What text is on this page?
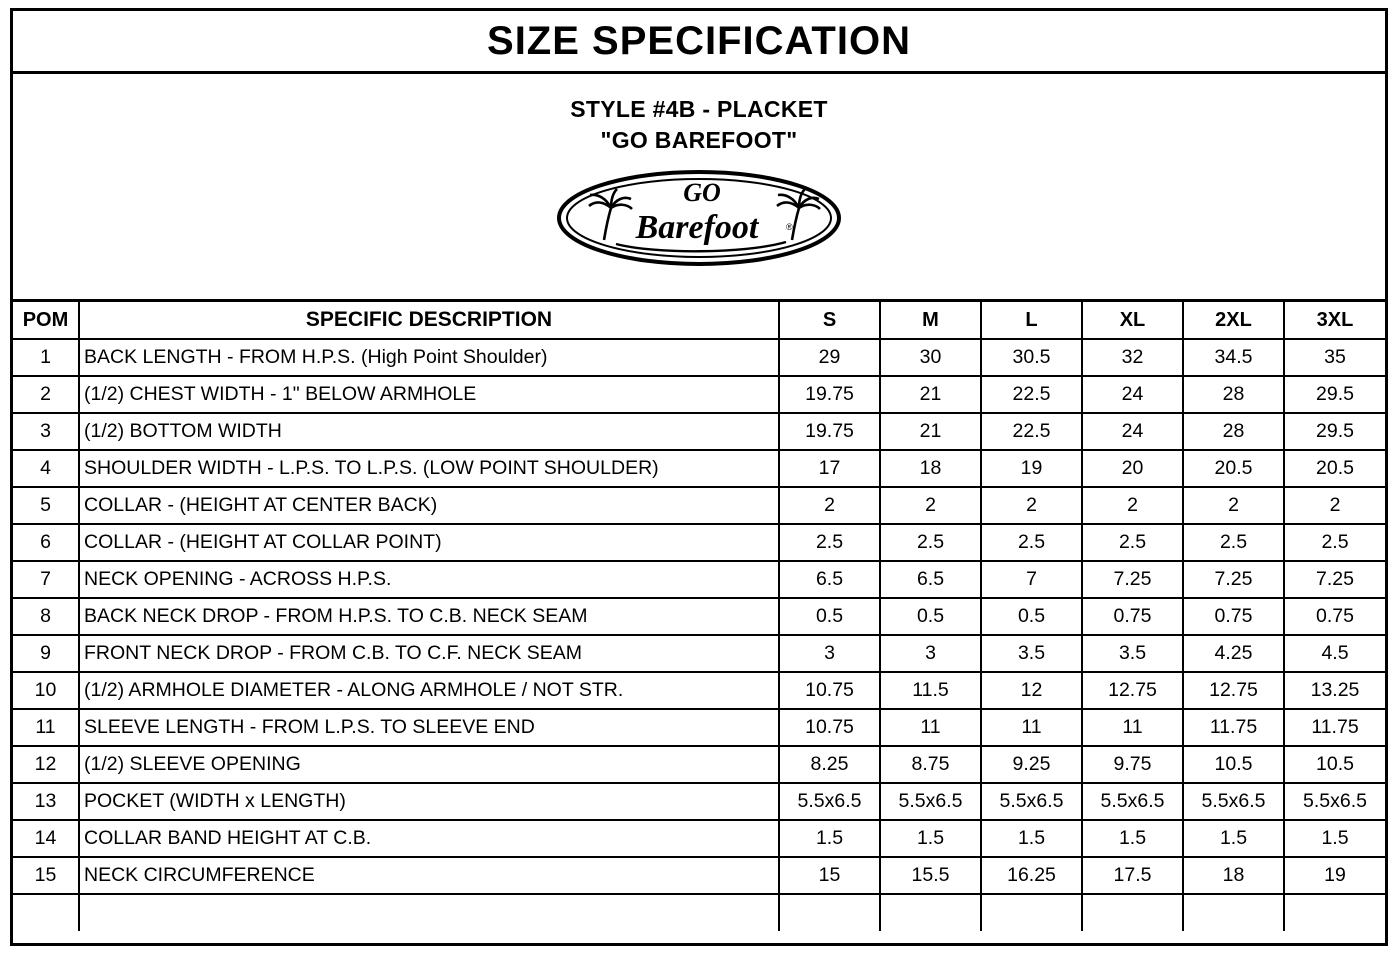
SIZE SPECIFICATION
STYLE #4B - PLACKET
"GO BAREFOOT"
GO
Barefoot	®
POM	SPECIFIC DESCRIPTION	S	M	L	XL	2XL	3XL
1	BACK LENGTH - FROM H.P.S. (High Point Shoulder)	29	30	30.5	32	34.5	35
2	(1/2) CHEST WIDTH - 1" BELOW ARMHOLE	19.75	21	22.5	24	28	29.5
3	(1/2) BOTTOM WIDTH	19.75	21	22.5	24	28	29.5
4	SHOULDER WIDTH - L.P.S. TO L.P.S. (LOW POINT SHOULDER)	17	18	19	20	20.5	20.5
5	COLLAR - (HEIGHT AT CENTER BACK)	2	2	2	2	2	2
6	COLLAR - (HEIGHT AT COLLAR POINT)	2.5	2.5	2.5	2.5	2.5	2.5
7	NECK OPENING - ACROSS H.P.S.	6.5	6.5	7	7.25	7.25	7.25
8	BACK NECK DROP - FROM H.P.S. TO C.B. NECK SEAM	0.5	0.5	0.5	0.75	0.75	0.75
9	FRONT NECK DROP - FROM C.B. TO C.F. NECK SEAM	3	3	3.5	3.5	4.25	4.5
10	(1/2) ARMHOLE DIAMETER - ALONG ARMHOLE / NOT STR.	10.75	11.5	12	12.75	12.75	13.25
11	SLEEVE LENGTH - FROM L.P.S. TO SLEEVE END	10.75	11	11	11	11.75	11.75
12	(1/2) SLEEVE OPENING	8.25	8.75	9.25	9.75	10.5	10.5
13	POCKET (WIDTH x LENGTH)	5.5x6.5	5.5x6.5	5.5x6.5	5.5x6.5	5.5x6.5	5.5x6.5
14	COLLAR BAND HEIGHT AT C.B.	1.5	1.5	1.5	1.5	1.5	1.5
15	NECK CIRCUMFERENCE	15	15.5	16.25	17.5	18	19
